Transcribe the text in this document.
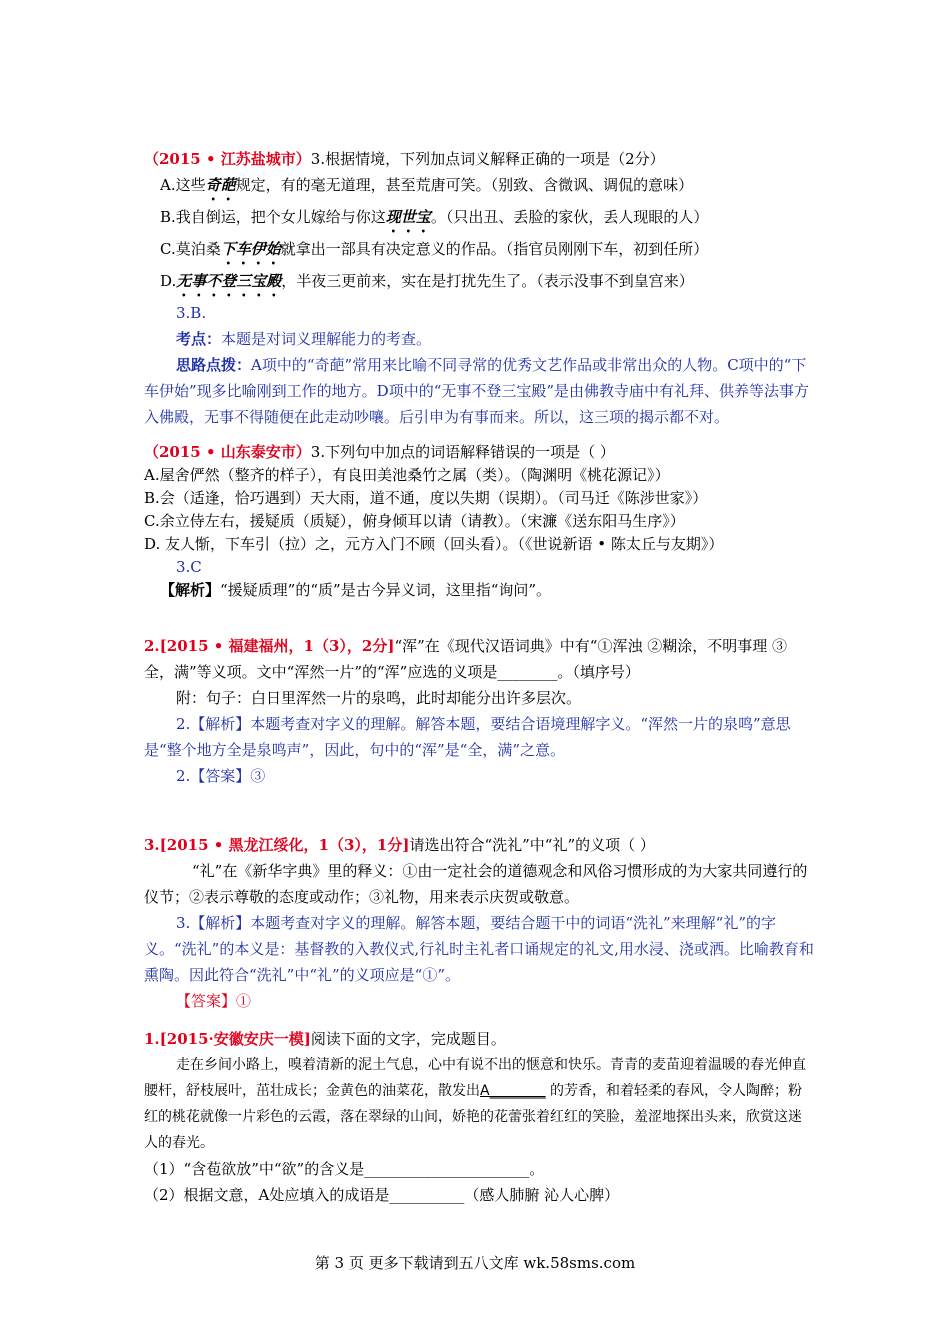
（2015 • 江苏盐城市）3.根据情境，下列加点词义解释正确的一项是（2分）
A.这些奇葩规定，有的毫无道理，甚至荒唐可笑。（别致、含微讽、调侃的意味）
B.我自倒运，把个女儿嫁给与你这现世宝。（只出丑、丢脸的家伙，丢人现眼的人）
C.莫泊桑下车伊始就拿出一部具有决定意义的作品。（指官员刚刚下车，初到任所）
D.无事不登三宝殿，半夜三更前来，实在是打扰先生了。（表示没事不到皇宫来）
3.B.
考点：本题是对词义理解能力的考查。
思路点拨：A项中的“奇葩”常用来比喻不同寻常的优秀文艺作品或非常出众的人物。C项中的“下车伊始”现多比喻刚到工作的地方。D项中的“无事不登三宝殿”是由佛教寺庙中有礼拜、供养等法事方入佛殿，无事不得随便在此走动吵嚷。后引申为有事而来。所以，这三项的揭示都不对。
（2015 • 山东泰安市）3.下列句中加点的词语解释错误的一项是（ ）
A.屋舍俨然（整齐的样子），有良田美池桑竹之属（类）。（陶渊明《桃花源记》）
B.会（适逢，恰巧遇到）天大雨，道不通，度以失期（误期）。（司马迁《陈涉世家》）
C.余立侍左右，援疑质（质疑），俯身倾耳以请（请教）。（宋濂《送东阳马生序》）
D. 友人惭，下车引（拉）之，元方入门不顾（回头看）。（《世说新语 • 陈太丘与友期》）
3.C
【解析】“援疑质理”的“质”是古今异义词，这里指“询问”。
2.[2015 • 福建福州，1（3），2分]“浑”在《现代汉语词典》中有“①浑浊 ②糊涂，不明事理 ③全，满”等义项。文中“浑然一片”的“浑”应选的义项是________。（填序号）
附：句子：白日里浑然一片的泉鸣，此时却能分出许多层次。
2.【解析】本题考查对字义的理解。解答本题，要结合语境理解字义。“浑然一片的泉鸣”意思是“整个地方全是泉鸣声”，因此，句中的“浑”是“全，满”之意。
2.【答案】③
3.[2015 • 黑龙江绥化，1（3），1分]请选出符合“洗礼”中“礼”的义项（ ）
“礼”在《新华字典》里的释义：①由一定社会的道德观念和风俗习惯形成的为大家共同遵行的仪节；②表示尊敬的态度或动作；③礼物，用来表示庆贺或敬意。
3.【解析】本题考查对字义的理解。解答本题，要结合题干中的词语“洗礼”来理解“礼”的字义。“洗礼”的本义是：基督教的入教仪式,行礼时主礼者口诵规定的礼文,用水浸、浇或洒。比喻教育和熏陶。因此符合“洗礼”中“礼”的义项应是“①”。
【答案】①
1.[2015·安徽安庆一模]阅读下面的文字，完成题目。
走在乡间小路上，嗅着清新的泥土气息，心中有说不出的惬意和快乐。青青的麦苗迎着温暖的春光伸直腰杆，舒枝展叶，茁壮成长；金黄色的油菜花，散发出A________ 的芳香，和着轻柔的春风，令人陶醉；粉红的桃花就像一片彩色的云霞，落在翠绿的山间，娇艳的花蕾张着红红的笑脸，羞涩地探出头来，欣赏这迷人的春光。
（1）“含苞欲放”中“欲”的含义是______________________。
（2）根据文意，A处应填入的成语是__________（感人肺腑 沁人心脾）
第 3 页 更多下载请到五八文库 wk.58sms.com
